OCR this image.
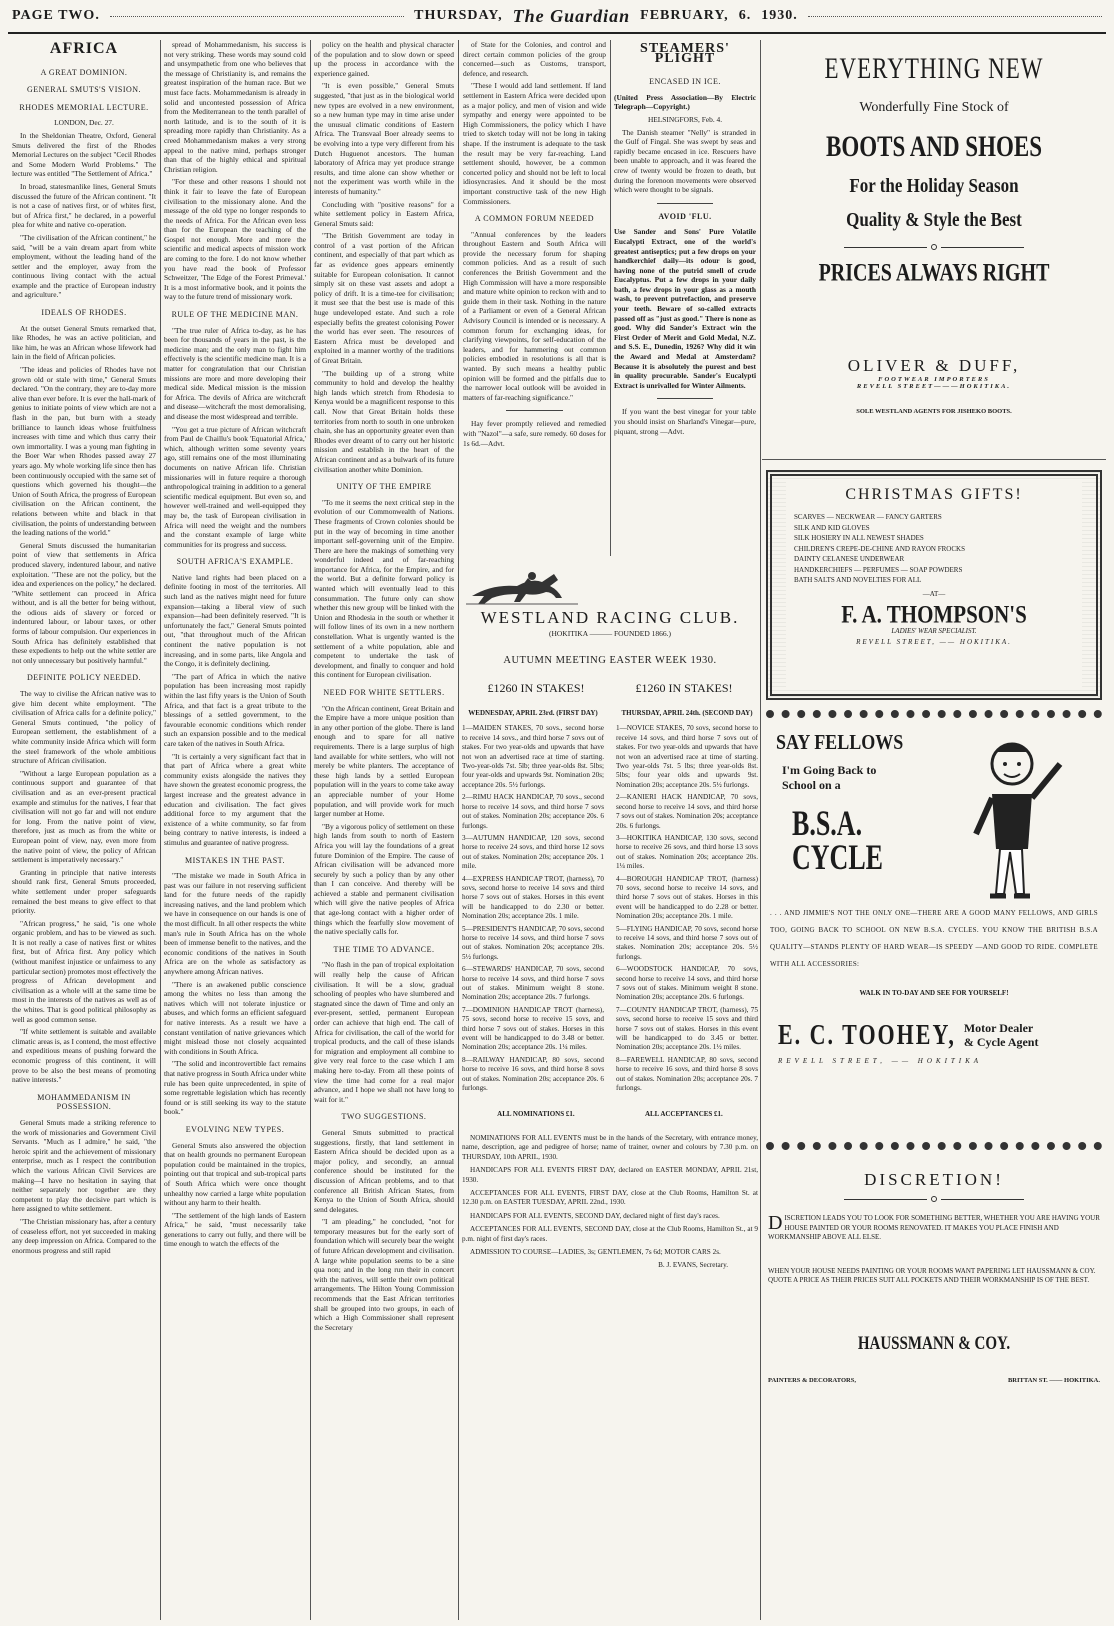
PAGE TWO.	THURSDAY, The Guardian FEBRUARY, 6. 1930.
AFRICA
A GREAT DOMINION.
GENERAL SMUTS'S VISION.
RHODES MEMORIAL LECTURE.
LONDON, Dec. 27.

In the Sheldonian Theatre, Oxford, General Smuts delivered the first of the Rhodes Memorial Lectures on the subject "Cecil Rhodes and Some Modern World Problems." The lecture was entitled "The Settlement of Africa."

In broad, statesmanlike lines, General Smuts discussed the future of the African continent. "It is not a case of natives first, or of whites first, but of Africa first," he declared, in a powerful plea for white and native co-operation.

"The civilisation of the African continent," he said, "will be a vain dream apart from white employment, without the leading hand of the settler and the employer, away from the continuous living contact with the actual example and the practice of European industry and agriculture."

IDEALS OF RHODES.

At the outset General Smuts remarked that, like Rhodes, he was an active politician, and like him, he was an African whose lifework had lain in the field of African policies.

"The ideas and policies of Rhodes have not grown old or stale with time," General Smuts declared. "On the contrary, they are to-day more alive than ever before. It is ever the hall-mark of genius to initiate points of view which are not a flash in the pan, but burn with a steady brilliance to launch ideas whose fruitfulness increases with time and which thus carry their own immortality. I was a young man fighting in the Boer War when Rhodes passed away 27 years ago. My whole working life since then has been continuously occupied with the same set of questions which governed his thought—the Union of South Africa, the progress of European civilisation on the African continent, the relations between white and black in that civilisation, the points of understanding between the leading nations of the world."

General Smuts discussed the humanitarian point of view that settlements in Africa produced slavery, indentured labour, and native exploitation. "These are not the policy, but the idea and experiences on the policy," he declared. "White settlement can proceed in Africa without, and is all the better for being without, the odious aids of slavery or forced or indentured labour, or labour taxes, or other forms of labour compulsion. Our experiences in South Africa has definitely established that these expedients to help out the white settler are not only unnecessary but positively harmful."

DEFINITE POLICY NEEDED.

The way to civilise the African native was to give him decent white employment. "The civilisation of Africa calls for a definite policy," General Smuts continued, "the policy of European settlement, the establishment of a white community inside Africa which will form the steel framework of the whole ambitious structure of African civilisation.

"Without a large European population as a continuous support and guarantee of that civilisation and as an ever-present practical example and stimulus for the natives, I fear that civilisation will not go far and will not endure for long. From the native point of view, therefore, just as much as from the white or European point of view, nay, even more from the native point of view, the policy of African settlement is imperatively necessary."

Granting in principle that native interests should rank first, General Smuts proceeded, white settlement under proper safeguards remained the best means to give effect to that priority.

"African progress," he said, "is one whole organic problem, and has to be viewed as such. It is not really a case of natives first or whites first, but of Africa first. Any policy which (without manifest injustice or unfairness to any particular section) promotes most effectively the progress of African development and civilisation as a whole will at the same time be most in the interests of the natives as well as of the whites. That is good political philosophy as well as good common sense.

"If white settlement is suitable and available climatic areas is, as I contend, the most effective and expeditious means of pushing forward the economic progress of this continent, it will prove to be also the best means of promoting native interests."

MOHAMMEDANISM IN POSSESSION.

General Smuts made a striking reference to the work of missionaries and Government Civil Servants. "Much as I admire," he said, "the heroic spirit and the achievement of missionary enterprise, much as I respect the contribution which the various African Civil Services are making—I have no hesitation in saying that neither separately nor together are they competent to play the decisive part which is here assigned to white settlement.

"The Christian missionary has, after a century of ceaseless effort, not yet succeeded in making any deep impression on Africa. Compared to the enormous progress and still rapid

spread of Mohammedanism, his success is not very striking. These words may sound cold and unsympathetic from one who believes that the message of Christianity is, and remains the greatest inspiration of the human race. But we must face facts. Mohammedanism is already in solid and uncontested possession of Africa from the Mediterranean to the tenth parallel of north latitude, and is to the south of it is spreading more rapidly than Christianity. As a creed Mohammedanism makes a very strong appeal to the native mind, perhaps stronger than that of the highly ethical and spiritual Christian religion.

"For these and other reasons I should not think it fair to leave the fate of European civilisation to the missionary alone. And the message of the old type no longer responds to the needs of Africa. For the African even less than for the European the teaching of the Gospel not enough. More and more the scientific and medical aspects of mission work are coming to the fore. I do not know whether you have read the book of Professor Schweitzer, 'The Edge of the Forest Primeval.' It is a most informative book, and it points the way to the future trend of missionary work.

RULE OF THE MEDICINE MAN.

"The true ruler of Africa to-day, as he has been for thousands of years in the past, is the medicine man; and the only man to fight him effectively is the scientific medicine man. It is a matter for congratulation that our Christian missions are more and more developing their medical side. Medical mission is the mission for Africa. The devils of Africa are witchcraft and disease—witchcraft the most demoralising, and disease the most widespread and terrible.

"You get a true picture of African witchcraft from Paul de Chaillu's book 'Equatorial Africa,' which, although written some seventy years ago, still remains one of the most illuminating documents on native African life. Christian missionaries will in future require a thorough anthropological training in addition to a general scientific medical equipment. But even so, and however well-trained and well-equipped they may be, the task of European civilisation in Africa will need the weight and the numbers and the constant example of large white communities for its progress and success.

SOUTH AFRICA'S EXAMPLE.

Native land rights had been placed on a definite footing in most of the territories. All such land as the natives might need for future expansion—taking a liberal view of such expansion—had been definitely reserved. "It is unfortunately the fact," General Smuts pointed out, "that throughout much of the African continent the native population is not increasing, and in some parts, like Angola and the Congo, it is definitely declining.

"The part of Africa in which the native population has been increasing most rapidly within the last fifty years is the Union of South Africa, and that fact is a great tribute to the blessings of a settled government, to the favourable economic conditions which render such an expansion possible and to the medical care taken of the natives in South Africa.

"It is certainly a very significant fact that in that part of Africa where a great white community exists alongside the natives they have shown the greatest economic progress, the largest increase and the greatest advance in education and civilisation. The fact gives additional force to my argument that the existence of a white community, so far from being contrary to native interests, is indeed a stimulus and guarantee of native progress.

MISTAKES IN THE PAST.

"The mistake we made in South Africa in past was our failure in not reserving sufficient land for the future needs of the rapidly increasing natives, and the land problem which we have in consequence on our hands is one of the most difficult. In all other respects the white man's rule in South Africa has on the whole been of immense benefit to the natives, and the economic conditions of the natives in South Africa are on the whole as satisfactory as anywhere among African natives.

"There is an awakened public conscience among the whites no less than among the natives which will not tolerate injustice or abuses, and which forms an efficient safeguard for native interests. As a result we have a constant ventilation of native grievances which might mislead those not closely acquainted with conditions in South Africa.

"The solid and incontrovertible fact remains that native progress in South Africa under white rule has been quite unprecedented, in spite of some regrettable legislation which has recently found or is still seeking its way to the statute book."

EVOLVING NEW TYPES.

General Smuts also answered the objection that on health grounds no permanent European population could be maintained in the tropics, pointing out that tropical and sub-tropical parts of South Africa which were once thought unhealthy now carried a large white population without any harm to their health.

"The settlement of the high lands of Eastern Africa," he said, "must necessarily take generations to carry out fully, and there will be time enough to watch the effects of the

policy on the health and physical character of the population and to slow down or speed up the process in accordance with the experience gained.

"It is even possible," General Smuts suggested, "that just as in the biological world new types are evolved in a new environment, so a new human type may in time arise under the unusual climatic conditions of Eastern Africa. The Transvaal Boer already seems to be evolving into a type very different from his Dutch Huguenot ancestors. The human laboratory of Africa may yet produce strange results, and time alone can show whether or not the experiment was worth while in the interests of humanity."

Concluding with "positive reasons" for a white settlement policy in Eastern Africa, General Smuts said:

"The British Government are today in control of a vast portion of the African continent, and especially of that part which as far as evidence goes appears eminently suitable for European colonisation. It cannot simply sit on these vast assets and adopt a policy of drift. It is a time-tee for civilisation; it must see that the best use is made of this huge undeveloped estate. And such a role especially befits the greatest colonising Power the world has ever seen. The resources of Eastern Africa must be developed and exploited in a manner worthy of the traditions of Great Britain.

"The building up of a strong white community to hold and develop the healthy high lands which stretch from Rhodesia to Kenya would be a magnificent response to this call. Now that Great Britain holds these territories from north to south in one unbroken chain, she has an opportunity greater even than Rhodes ever dreamt of to carry out her historic mission and establish in the heart of the African continent and as a bulwark of its future civilisation another white Dominion.

UNITY OF THE EMPIRE

"To me it seems the next critical step in the evolution of our Commonwealth of Nations. These fragments of Crown colonies should be put in the way of becoming in time another important self-governing unit of the Empire. There are here the makings of something very wonderful indeed and of far-reaching importance for Africa, for the Empire, and for the world. But a definite forward policy is wanted which will eventually lead to this consummation. The future only can show whether this new group will be linked with the Union and Rhodesia in the south or whether it will follow lines of its own in a new northern constellation. What is urgently wanted is the settlement of a white population, able and competent to undertake the task of development, and finally to conquer and hold this continent for European civilisation.

NEED FOR WHITE SETTLERS.

"On the African continent, Great Britain and the Empire have a more unique position than in any other portion of the globe. There is land enough and to spare for all native requirements. There is a large surplus of high land available for white settlers, who will not merely be white planters. The acceptance of these high lands by a settled European population will in the years to come take away an appreciable number of your Home population, and will provide work for much larger number at Home.

"By a vigorous policy of settlement on these high lands from south to north of Eastern Africa you will lay the foundations of a great future Dominion of the Empire. The cause of African civilisation will be advanced more securely by such a policy than by any other than I can conceive. And thereby will be achieved a stable and permanent civilisation which will give the native peoples of Africa that age-long contact with a higher order of things which the fearfully slow movement of the native specially calls for.

THE TIME TO ADVANCE.

"No flash in the pan of tropical exploitation will really help the cause of African civilisation. It will be a slow, gradual schooling of peoples who have slumbered and stagnated since the dawn of Time and only an ever-present, settled, permanent European order can achieve that high end. The call of Africa for civilisation, the call of the world for tropical products, and the call of these islands for migration and employment all combine to give very real force to the case which I am making here to-day. From all these points of view the time had come for a real major advance, and I hope we shall not have long to wait for it."

TWO SUGGESTIONS.

General Smuts submitted to practical suggestions, firstly, that land settlement in Eastern Africa should be decided upon as a major policy, and secondly, an annual conference should be instituted for the discussion of African problems, and to that conference all British African States, from Kenya to the Union of South Africa, should send delegates.

"I am pleading," he concluded, "not for temporary measures but for the early sort of foundation which will securely bear the weight of future African development and civilisation. A large white population seems to be a sine qua non; and in the long run their in concert with the natives, will settle their own political arrangements. The Hilton Young Commission recommends that the East African territories shall be grouped into two groups, in each of which a High Commissioner shall represent the Secretary

of State for the Colonies, and control and direct certain common policies of the group concerned—such as Customs, transport, defence, and research.

"These I would add land settlement. If land settlement in Eastern Africa were decided upon as a major policy, and men of vision and wide sympathy and energy were appointed to be High Commissioners, the policy which I have tried to sketch today will not be long in taking shape. If the instrument is adequate to the task the result may be very far-reaching. Land settlement should, however, be a common concerted policy and should not be left to local idiosyncrasies. And it should be the most important constructive task of the new High Commissioners.

A COMMON FORUM NEEDED

"Annual conferences by the leaders throughout Eastern and South Africa will provide the necessary forum for shaping common policies. And as a result of such conferences the British Government and the High Commission will have a more responsible and mature white opinion to reckon with and to guide them in their task. Nothing in the nature of a Parliament or even of a General African Advisory Council is intended or is necessary. A common forum for exchanging ideas, for clarifying viewpoints, for self-education of the leaders, and for hammering out common policies embodied in resolutions is all that is wanted. By such means a healthy public opinion will be formed and the pitfalls due to the narrower local outlook will be avoided in matters of far-reaching significance."

Hay fever promptly relieved and remedied with "Nazol"—a safe, sure remedy. 60 doses for 1s 6d.—Advt.

STEAMERS' PLIGHT
ENCASED IN ICE.

(United Press Association—By Electric Telegraph—Copyright.)

HELSINGFORS, Feb. 4.

The Danish steamer "Nelly" is stranded in the Gulf of Fingal. She was swept by seas and rapidly became encased in ice. Rescuers have been unable to approach, and it was feared the crew of twenty would be frozen to death, but during the forenoon movements were observed which were thought to be signals.

AVOID 'FLU.

Use Sander and Sons' Pure Volatile Eucalypti Extract, one of the world's greatest antiseptics; put a few drops on your handkerchief daily—its odour is good, having none of the putrid smell of crude Eucalyptus. Put a few drops in your daily bath, a few drops in your glass as a mouth wash, to prevent putrefaction, and preserve your teeth. Beware of so-called extracts passed off as "just as good." There is none as good. Why did Sander's Extract win the First Order of Merit and Gold Medal, N.Z. and S.S. E., Dunedin, 1926? Why did it win the Award and Medal at Amsterdam? Because it is absolutely the purest and best in quality procurable. Sander's Eucalypti Extract is unrivalled for Winter Ailments.

If you want the best vinegar for your table you should insist on Sharland's Vinegar—pure, piquant, strong —Advt.

WESTLAND RACING CLUB.
(HOKITIKA ——— FOUNDED 1866.)
AUTUMN MEETING EASTER WEEK 1930.
£1260 IN STAKES!	£1260 IN STAKES!
WEDNESDAY, APRIL 23rd. (FIRST DAY)
1—MAIDEN STAKES, 70 sovs., second horse to receive 14 sovs., and third horse 7 sovs out of stakes. For two year-olds and upwards that have not won an advertised race at time of starting. Two-year-olds 7st. 5lb; three year-olds 8st. 5lbs; four year-olds and upwards 9st. Nomination 20s; acceptance 20s. 5½ furlongs.
2—RIMU HACK HANDICAP, 70 sovs., second horse to receive 14 sovs, and third horse 7 sovs out of stakes. Nomination 20s; acceptance 20s. 6 furlongs.
3—AUTUMN HANDICAP, 120 sovs, second horse to receive 24 sovs, and third horse 12 sovs out of stakes. Nomination 20s; acceptance 20s. 1 mile.
4—EXPRESS HANDICAP TROT, (harness), 70 sovs, second horse to receive 14 sovs and third horse 7 sovs out of stakes. Horses in this event will be handicapped to do 2.30 or better. Nomination 20s; acceptance 20s. 1 mile.
5—PRESIDENT'S HANDICAP, 70 sovs, second horse to receive 14 sovs, and third horse 7 sovs out of stakes. Nomination 20s; acceptance 20s. 5½ furlongs.
6—STEWARDS' HANDICAP, 70 sovs, second horse to receive 14 sovs, and third horse 7 sovs out of stakes. Minimum weight 8 stone. Nomination 20s; acceptance 20s. 7 furlongs.
7—DOMINION HANDICAP TROT (harness), 75 sovs, second horse to receive 15 sovs, and third horse 7 sovs out of stakes. Horses in this event will be handicapped to do 3.48 or better. Nomination 20s; acceptance 20s. 1¼ miles.
8—RAILWAY HANDICAP, 80 sovs, second horse to receive 16 sovs, and third horse 8 sovs out of stakes. Nomination 20s; acceptance 20s. 6 furlongs.
THURSDAY, APRIL 24th. (SECOND DAY)
1—NOVICE STAKES, 70 sovs, second horse to receive 14 sovs, and third horse 7 sovs out of stakes. For two year-olds and upwards that have not won an advertised race at time of starting. Two year-olds 7st. 5 lbs; three year-olds 8st. 5lbs; four year olds and upwards 9st. Nomination 20s; acceptance 20s. 5½ furlongs.
2—KANIERI HACK HANDICAP, 70 sovs, second horse to receive 14 sovs, and third horse 7 sovs out of stakes. Nomination 20s; acceptance 20s. 6 furlongs.
3—HOKITIKA HANDICAP, 130 sovs, second horse to receive 26 sovs, and third horse 13 sovs out of stakes. Nomination 20s; acceptance 20s. 1¼ miles.
4—BOROUGH HANDICAP TROT, (harness) 70 sovs, second horse to receive 14 sovs, and third horse 7 sovs out of stakes. Horses in this event will be handicapped to do 2.28 or better. Nomination 20s; acceptance 20s. 1 mile.
5—FLYING HANDICAP, 70 sovs, second horse to receive 14 sovs, and third horse 7 sovs out of stakes. Nomination 20s; acceptance 20s. 5½ furlongs.
6—WOODSTOCK HANDICAP, 70 sovs, second horse to receive 14 sovs, and third horse 7 sovs out of stakes. Minimum weight 8 stone. Nomination 20s; acceptance 20s. 6 furlongs.
7—COUNTY HANDICAP TROT, (harness), 75 sovs, second horse to receive 15 sovs and third horse 7 sovs out of stakes. Horses in this event will be handicapped to do 3.45 or better. Nomination 20s; acceptance 20s. 1½ miles.
8—FAREWELL HANDICAP, 80 sovs, second horse to receive 16 sovs, and third horse 8 sovs out of stakes. Nomination 20s; acceptance 20s. 7 furlongs.
ALL NOMINATIONS £1.	ALL ACCEPTANCES £1.
NOMINATIONS FOR ALL EVENTS must be in the hands of the Secretary, with entrance money, name, description, age and pedigree of horse; name of trainer, owner and colours by 7.30 p.m. on THURSDAY, 10th APRIL, 1930.
HANDICAPS FOR ALL EVENTS FIRST DAY, declared on EASTER MONDAY, APRIL 21st, 1930.
ACCEPTANCES FOR ALL EVENTS, FIRST DAY, close at the Club Rooms, Hamilton St. at 12.30 p.m. on EASTER TUESDAY, APRIL 22nd., 1930.
HANDICAPS FOR ALL EVENTS, SECOND DAY, declared night of first day's races.
ACCEPTANCES FOR ALL EVENTS, SECOND DAY, close at the Club Rooms, Hamilton St., at 9 p.m. night of first day's races.
ADMISSION TO COURSE—LADIES, 3s; GENTLEMEN, 7s 6d; MOTOR CARS 2s.
B. J. EVANS, Secretary.
EVERYTHING NEW
Wonderfully Fine Stock of
BOOTS AND SHOES
For the Holiday Season
Quality & Style the Best
PRICES ALWAYS RIGHT
OLIVER & DUFF,
FOOTWEAR IMPORTERS
REVELL STREET———HOKITIKA.
SOLE WESTLAND AGENTS FOR JISHEKO BOOTS.
CHRISTMAS GIFTS!
SCARVES — NECKWEAR — FANCY GARTERS
SILK AND KID GLOVES
SILK HOSIERY IN ALL NEWEST SHADES
CHILDREN'S CREPE-DE-CHINE AND RAYON FROCKS
DAINTY CELANESE UNDERWEAR
HANDKERCHIEFS — PERFUMES — SOAP POWDERS
BATH SALTS AND NOVELTIES FOR ALL
—AT—
F. A. THOMPSON'S
LADIES' WEAR SPECIALIST.
REVELL STREET, —— HOKITIKA.
SAY FELLOWS
I'm Going Back to
School on a
B.S.A.
CYCLE
. . . AND JIMMIE'S NOT THE ONLY ONE—THERE ARE A GOOD MANY FELLOWS, AND GIRLS TOO, GOING BACK TO SCHOOL ON NEW B.S.A. CYCLES. YOU KNOW THE BRITISH B.S.A QUALITY—STANDS PLENTY OF HARD WEAR—IS SPEEDY —AND GOOD TO RIDE. COMPLETE WITH ALL ACCESSORIES:
WALK IN TO-DAY AND SEE FOR YOURSELF!
E. C. TOOHEY, Motor Dealer
& Cycle Agent
REVELL STREET, —— HOKITIKA
DISCRETION!
DISCRETION LEADS YOU TO LOOK FOR SOMETHING BETTER, WHETHER YOU ARE HAVING YOUR HOUSE PAINTED OR YOUR ROOMS RENOVATED. IT MAKES YOU PLACE FINISH AND WORKMANSHIP ABOVE ALL ELSE.
WHEN YOUR HOUSE NEEDS PAINTING OR YOUR ROOMS WANT PAPERING LET HAUSSMANN & COY. QUOTE A PRICE AS THEIR PRICES SUIT ALL POCKETS AND THEIR WORKMANSHIP IS OF THE BEST.
HAUSSMANN & COY.
PAINTERS & DECORATORS,	BRITTAN ST. —— HOKITIKA.
